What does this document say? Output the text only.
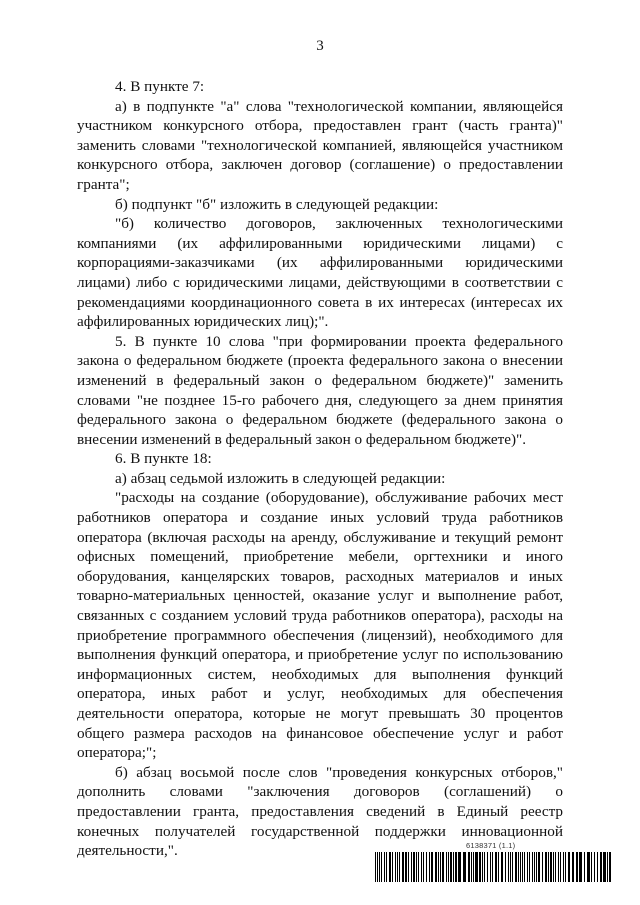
3

4. В пункте 7:

а) в подпункте "а" слова "технологической компании, являющейся участником конкурсного отбора, предоставлен грант (часть гранта)" заменить словами "технологической компанией, являющейся участником конкурсного отбора, заключен договор (соглашение) о предоставлении гранта";

б) подпункт "б" изложить в следующей редакции:

"б) количество договоров, заключенных технологическими компаниями (их аффилированными юридическими лицами) с корпорациями-заказчиками (их аффилированными юридическими лицами) либо с юридическими лицами, действующими в соответствии с рекомендациями координационного совета в их интересах (интересах их аффилированных юридических лиц);".

5. В пункте 10 слова "при формировании проекта федерального закона о федеральном бюджете (проекта федерального закона о внесении изменений в федеральный закон о федеральном бюджете)" заменить словами "не позднее 15-го рабочего дня, следующего за днем принятия федерального закона о федеральном бюджете (федерального закона о внесении изменений в федеральный закон о федеральном бюджете)".

6. В пункте 18:

а) абзац седьмой изложить в следующей редакции:

"расходы на создание (оборудование), обслуживание рабочих мест работников оператора и создание иных условий труда работников оператора (включая расходы на аренду, обслуживание и текущий ремонт офисных помещений, приобретение мебели, оргтехники и иного оборудования, канцелярских товаров, расходных материалов и иных товарно-материальных ценностей, оказание услуг и выполнение работ, связанных с созданием условий труда работников оператора), расходы на приобретение программного обеспечения (лицензий), необходимого для выполнения функций оператора, и приобретение услуг по использованию информационных систем, необходимых для выполнения функций оператора, иных работ и услуг, необходимых для обеспечения деятельности оператора, которые не могут превышать 30 процентов общего размера расходов на финансовое обеспечение услуг и работ оператора;";

б) абзац восьмой после слов "проведения конкурсных отборов," дополнить словами "заключения договоров (соглашений) о предоставлении гранта, предоставления сведений в Единый реестр конечных получателей государственной поддержки инновационной деятельности,".	6138371 (1.1)
